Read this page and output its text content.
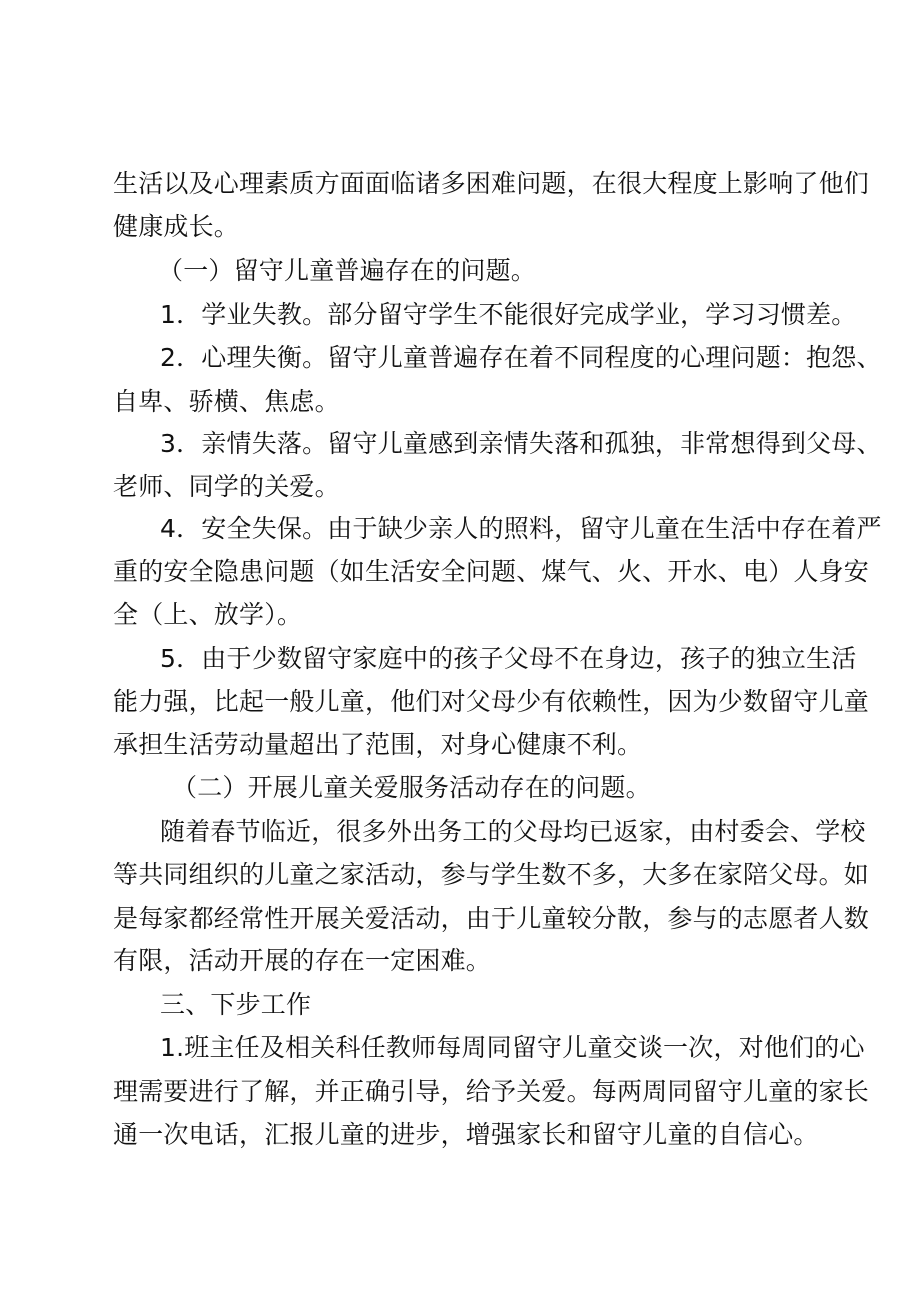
生活以及心理素质方面面临诸多困难问题，在很大程度上影响了他们
健康成长。
（一）留守儿童普遍存在的问题。
1．学业失教。部分留守学生不能很好完成学业，学习习惯差。
2．心理失衡。留守儿童普遍存在着不同程度的心理问题：抱怨、
自卑、骄横、焦虑。
3．亲情失落。留守儿童感到亲情失落和孤独，非常想得到父母、
老师、同学的关爱。
4．安全失保。由于缺少亲人的照料，留守儿童在生活中存在着严
重的安全隐患问题（如生活安全问题、煤气、火、开水、电）人身安
全（上、放学）。
5．由于少数留守家庭中的孩子父母不在身边，孩子的独立生活
能力强，比起一般儿童，他们对父母少有依赖性，因为少数留守儿童
承担生活劳动量超出了范围，对身心健康不利。
（二）开展儿童关爱服务活动存在的问题。
随着春节临近，很多外出务工的父母均已返家，由村委会、学校
等共同组织的儿童之家活动，参与学生数不多，大多在家陪父母。如
是每家都经常性开展关爱活动，由于儿童较分散，参与的志愿者人数
有限，活动开展的存在一定困难。
三、下步工作
1.班主任及相关科任教师每周同留守儿童交谈一次，对他们的心
理需要进行了解，并正确引导，给予关爱。每两周同留守儿童的家长
通一次电话，汇报儿童的进步，增强家长和留守儿童的自信心。
